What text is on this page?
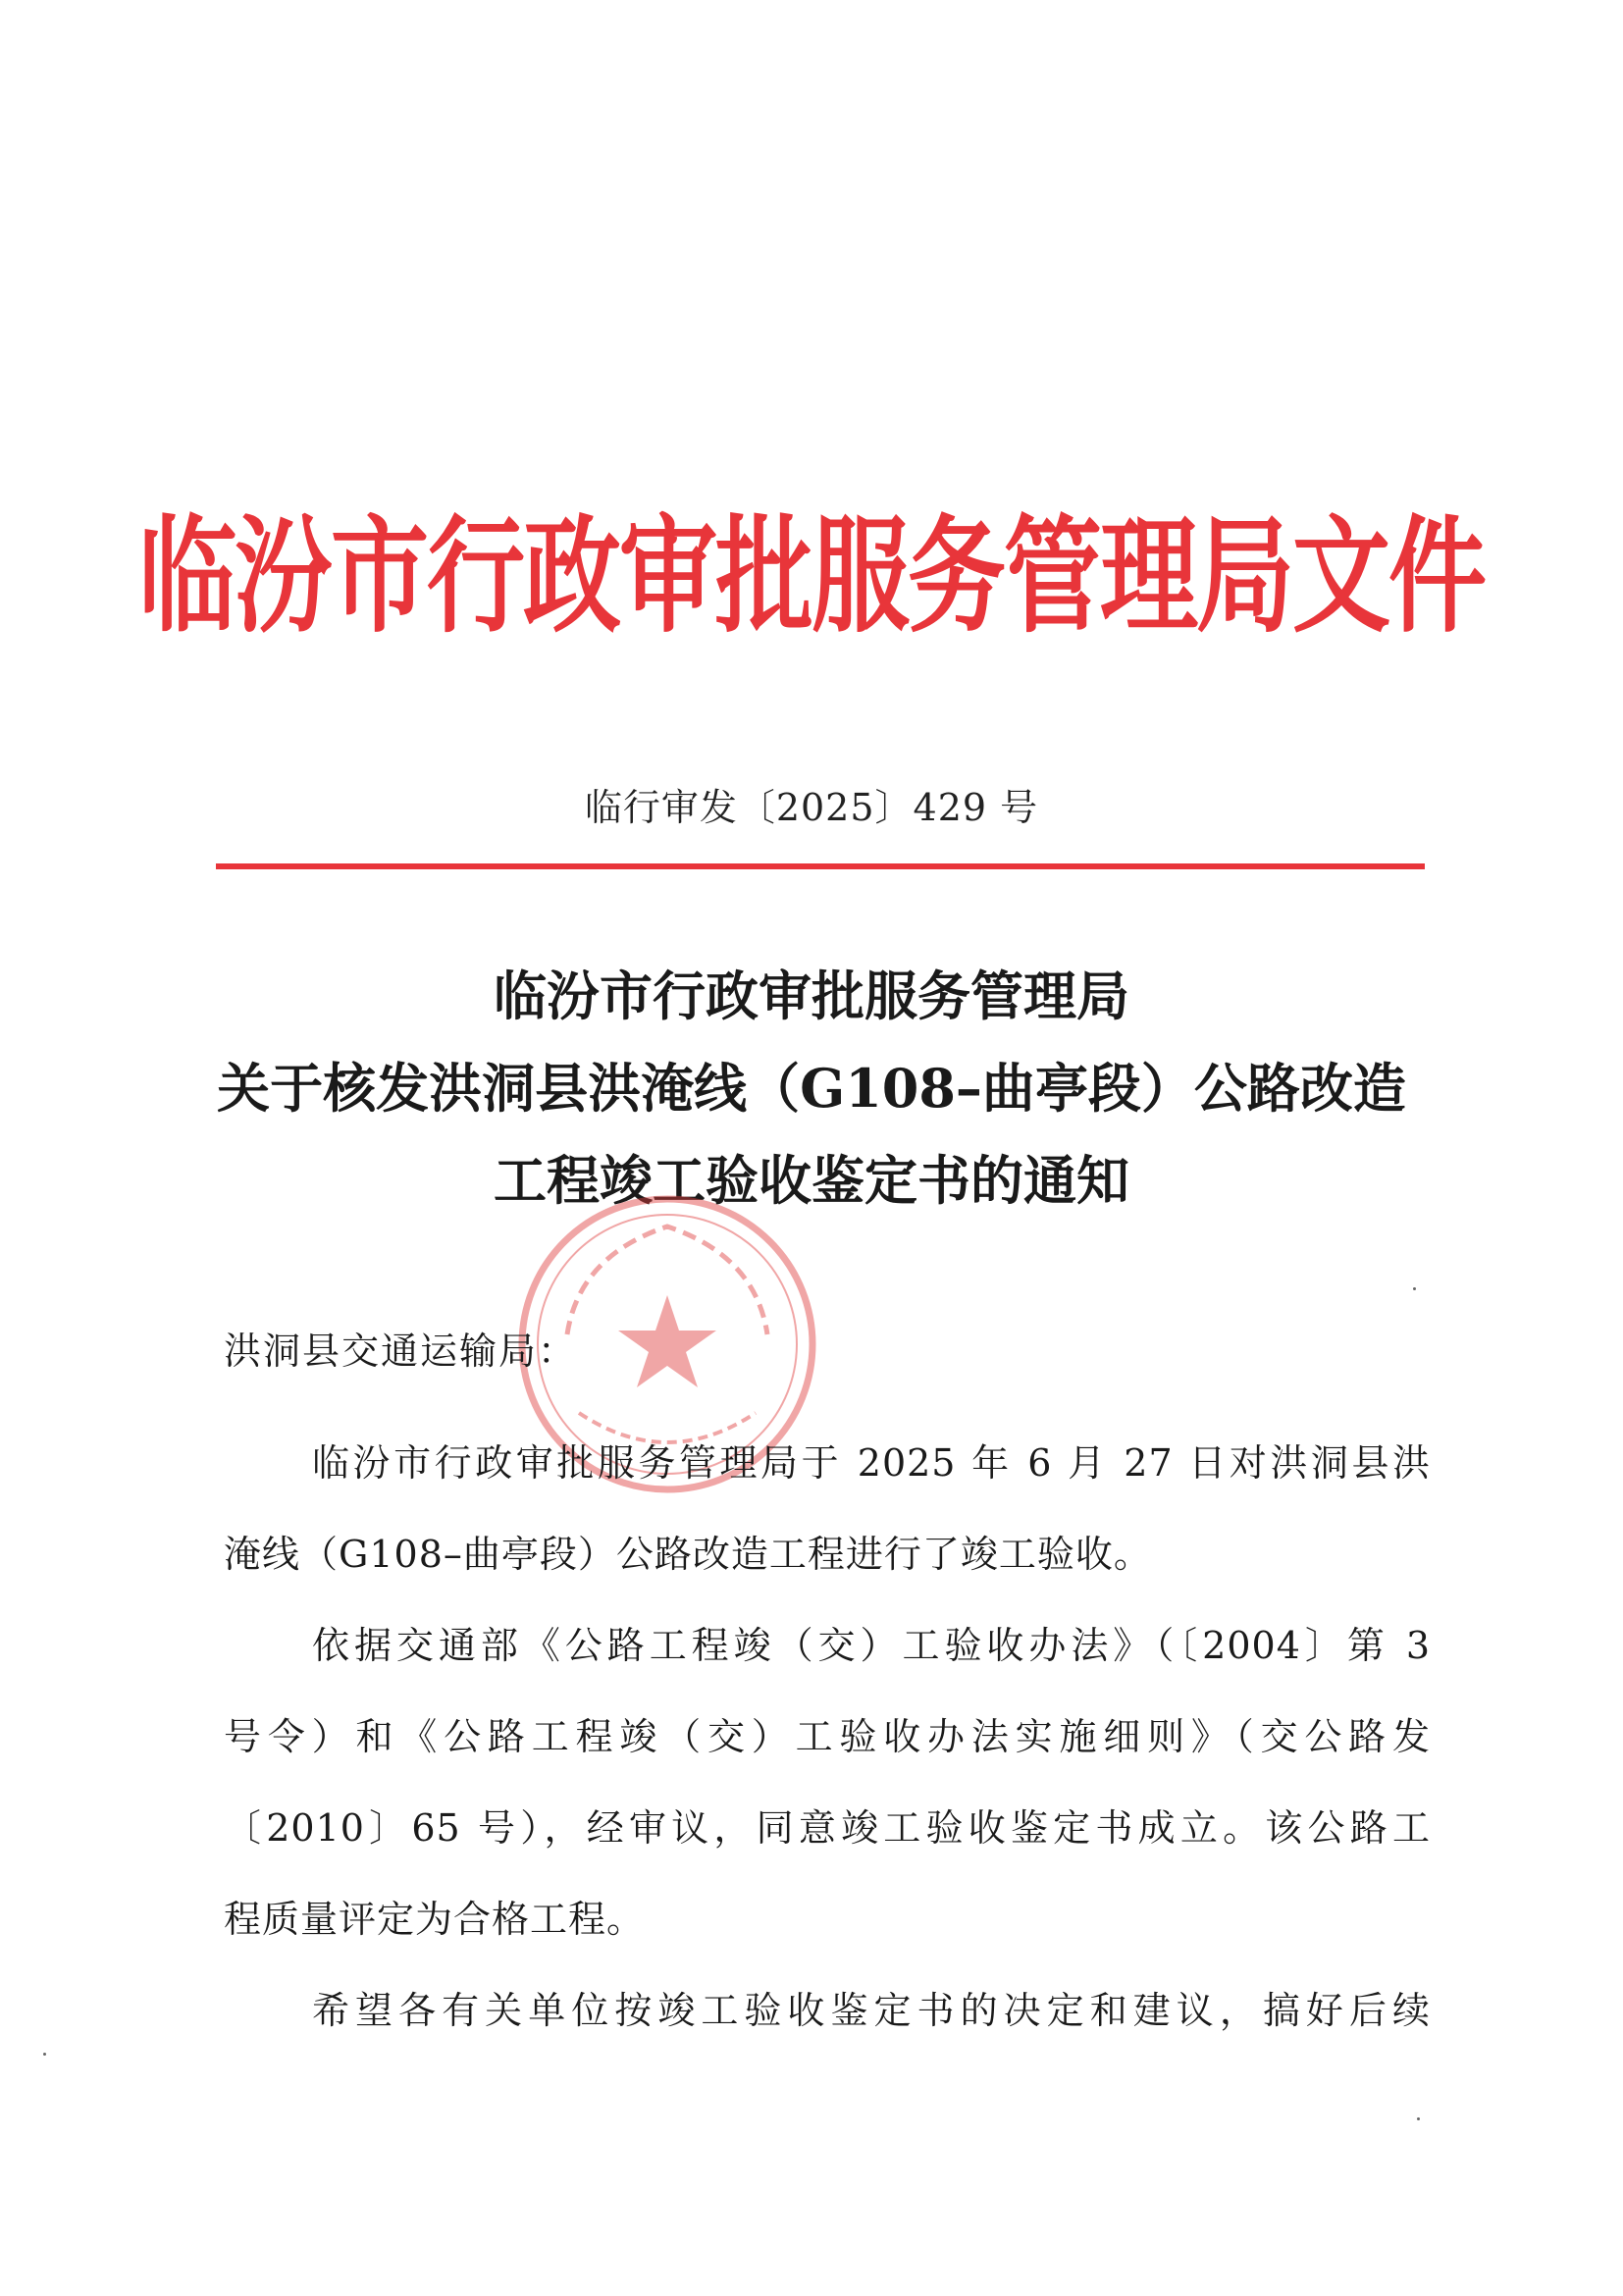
临汾市行政审批服务管理局文件
临行审发〔2025〕429 号
临汾市行政审批服务管理局
关于核发洪洞县洪淹线（G108–曲亭段）公路改造
工程竣工验收鉴定书的通知
洪洞县交通运输局：
临汾市行政审批服务管理局于 2025 年 6 月 27 日对洪洞县洪
淹线（G108–曲亭段）公路改造工程进行了竣工验收。
依据交通部《公路工程竣（交）工验收办法》（〔2004〕第 3
号令）和《公路工程竣（交）工验收办法实施细则》（交公路发
〔2010〕65 号），经审议，同意竣工验收鉴定书成立。该公路工
程质量评定为合格工程。
希望各有关单位按竣工验收鉴定书的决定和建议，搞好后续
